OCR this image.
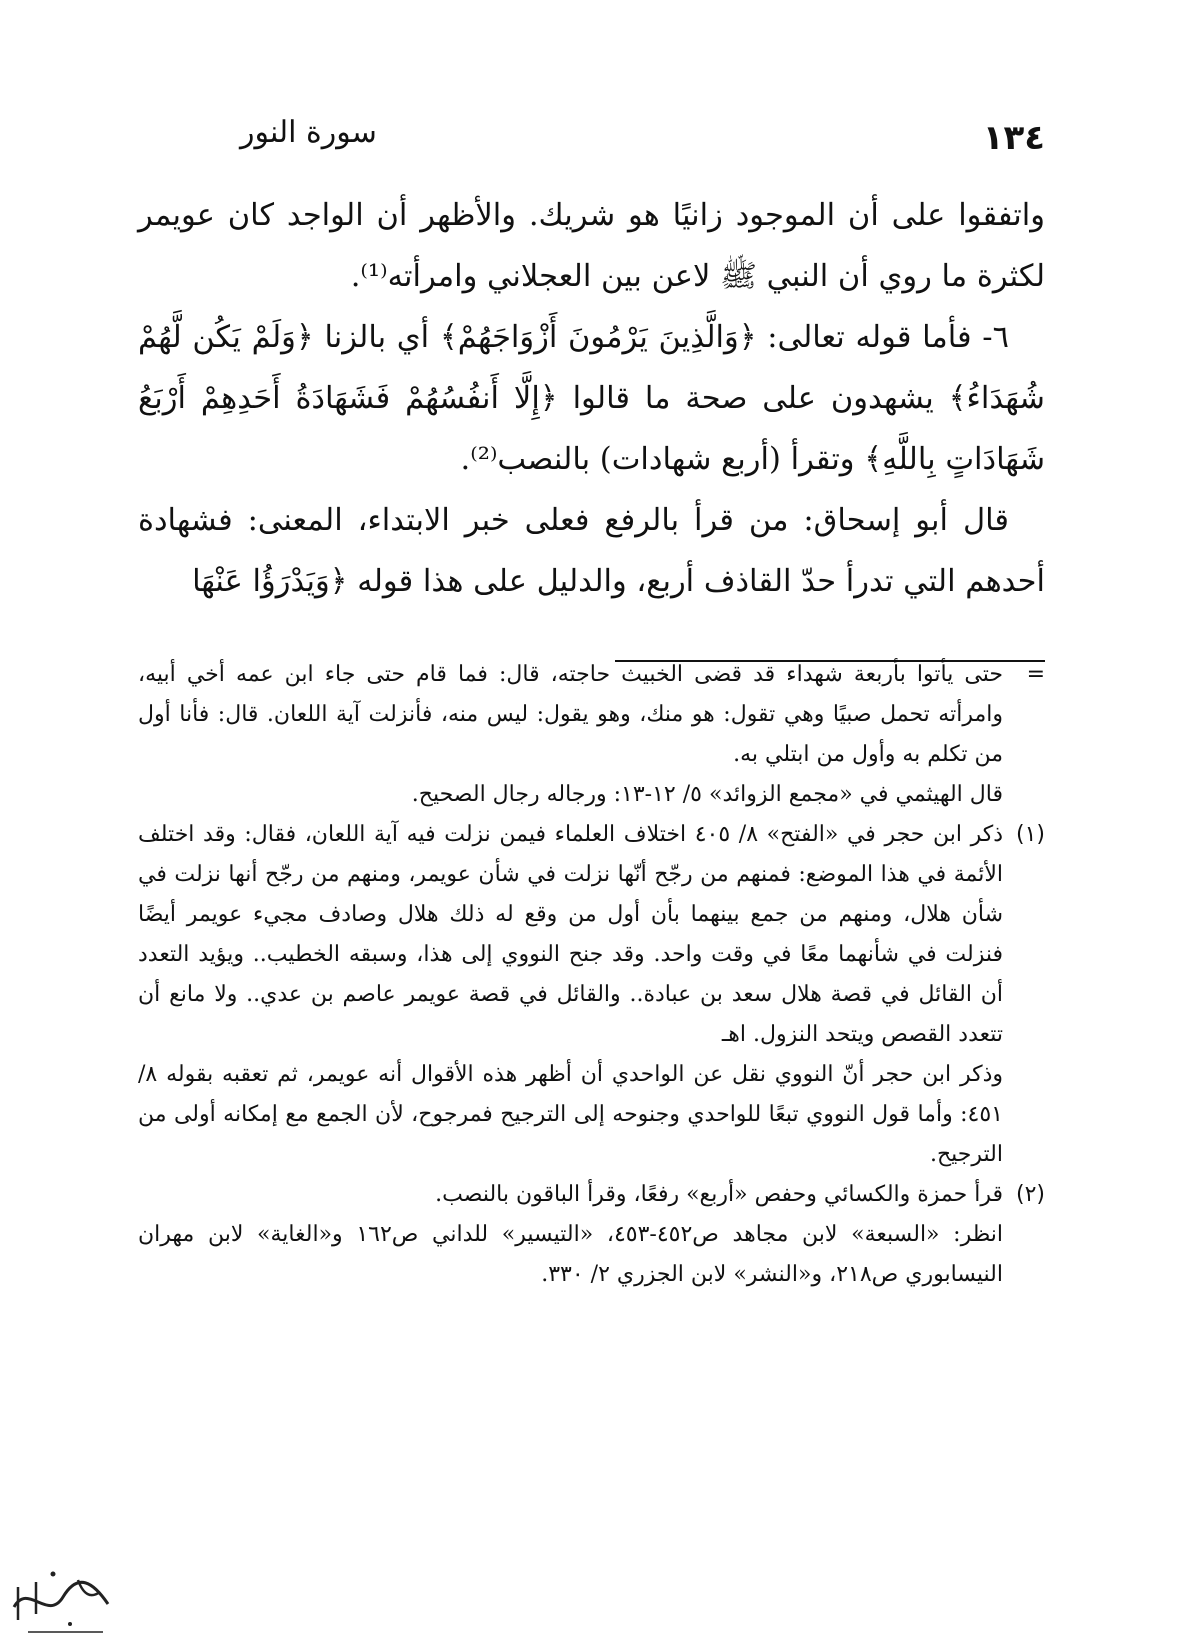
١٣٤
سورة النور

واتفقوا على أن الموجود زانيًا هو شريك. والأظهر أن الواجد كان عويمر لكثرة ما روي أن النبي ﷺ لاعن بين العجلاني وامرأته⁽¹⁾.

٦- فأما قوله تعالى: ﴿وَالَّذِينَ يَرْمُونَ أَزْوَاجَهُمْ﴾ أي بالزنا ﴿وَلَمْ يَكُن لَّهُمْ شُهَدَاءُ﴾ يشهدون على صحة ما قالوا ﴿إِلَّا أَنفُسُهُمْ فَشَهَادَةُ أَحَدِهِمْ أَرْبَعُ شَهَادَاتٍ بِاللَّهِ﴾ وتقرأ (أربع شهادات) بالنصب⁽²⁾.

قال أبو إسحاق: من قرأ بالرفع فعلى خبر الابتداء، المعنى: فشهادة أحدهم التي تدرأ حدّ القاذف أربع، والدليل على هذا قوله ﴿وَيَدْرَؤُا عَنْهَا

=
حتى يأتوا بأربعة شهداء قد قضى الخبيث حاجته، قال: فما قام حتى جاء ابن عمه أخي أبيه، وامرأته تحمل صبيًا وهي تقول: هو منك، وهو يقول: ليس منه، فأنزلت آية اللعان. قال: فأنا أول من تكلم به وأول من ابتلي به.
قال الهيثمي في «مجمع الزوائد» ٥/ ١٢-١٣: ورجاله رجال الصحيح.
(١)
ذكر ابن حجر في «الفتح» ٨/ ٤٠٥ اختلاف العلماء فيمن نزلت فيه آية اللعان، فقال: وقد اختلف الأئمة في هذا الموضع: فمنهم من رجّح أنّها نزلت في شأن عويمر، ومنهم من رجّح أنها نزلت في شأن هلال، ومنهم من جمع بينهما بأن أول من وقع له ذلك هلال وصادف مجيء عويمر أيضًا فنزلت في شأنهما معًا في وقت واحد. وقد جنح النووي إلى هذا، وسبقه الخطيب.. ويؤيد التعدد أن القائل في قصة هلال سعد بن عبادة.. والقائل في قصة عويمر عاصم بن عدي.. ولا مانع أن تتعدد القصص ويتحد النزول. اهـ
وذكر ابن حجر أنّ النووي نقل عن الواحدي أن أظهر هذه الأقوال أنه عويمر، ثم تعقبه بقوله ٨/ ٤٥١: وأما قول النووي تبعًا للواحدي وجنوحه إلى الترجيح فمرجوح، لأن الجمع مع إمكانه أولى من الترجيح.
(٢)
قرأ حمزة والكسائي وحفص «أربع» رفعًا، وقرأ الباقون بالنصب.
انظر: «السبعة» لابن مجاهد ص٤٥٢-٤٥٣، «التيسير» للداني ص١٦٢ و«الغاية» لابن مهران النيسابوري ص٢١٨، و«النشر» لابن الجزري ٢/ ٣٣٠.
